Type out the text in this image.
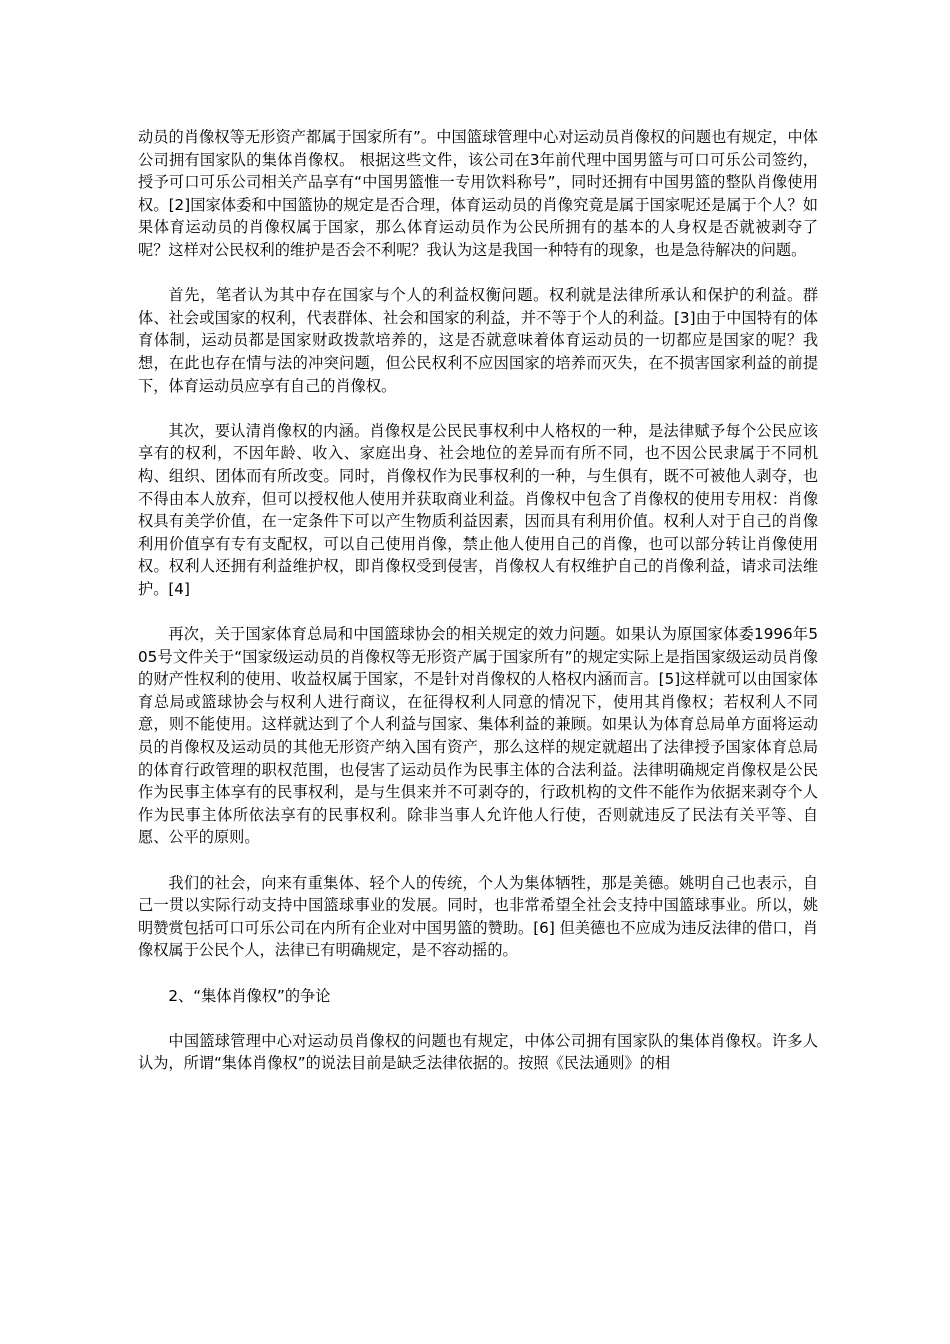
动员的肖像权等无形资产都属于国家所有”。中国篮球管理中心对运动员肖像权的问题也有规定，中体公司拥有国家队的集体肖像权。 根据这些文件，该公司在3年前代理中国男篮与可口可乐公司签约，授予可口可乐公司相关产品享有“中国男篮惟一专用饮料称号”，同时还拥有中国男篮的整队肖像使用权。[2]国家体委和中国篮协的规定是否合理，体育运动员的肖像究竟是属于国家呢还是属于个人？如果体育运动员的肖像权属于国家，那么体育运动员作为公民所拥有的基本的人身权是否就被剥夺了呢？这样对公民权利的维护是否会不利呢？我认为这是我国一种特有的现象，也是急待解决的问题。

首先，笔者认为其中存在国家与个人的利益权衡问题。权利就是法律所承认和保护的利益。群体、社会或国家的权利，代表群体、社会和国家的利益，并不等于个人的利益。[3]由于中国特有的体育体制，运动员都是国家财政拨款培养的，这是否就意味着体育运动员的一切都应是国家的呢？我想，在此也存在情与法的冲突问题，但公民权利不应因国家的培养而灭失，在不损害国家利益的前提下，体育运动员应享有自己的肖像权。

其次，要认清肖像权的内涵。肖像权是公民民事权利中人格权的一种，是法律赋予每个公民应该享有的权利，不因年龄、收入、家庭出身、社会地位的差异而有所不同，也不因公民隶属于不同机构、组织、团体而有所改变。同时，肖像权作为民事权利的一种，与生俱有，既不可被他人剥夺，也不得由本人放弃，但可以授权他人使用并获取商业利益。肖像权中包含了肖像权的使用专用权：肖像权具有美学价值，在一定条件下可以产生物质利益因素，因而具有利用价值。权利人对于自己的肖像利用价值享有专有支配权，可以自己使用肖像，禁止他人使用自己的肖像，也可以部分转让肖像使用权。权利人还拥有利益维护权，即肖像权受到侵害，肖像权人有权维护自己的肖像利益，请求司法维护。[4]

再次，关于国家体育总局和中国篮球协会的相关规定的效力问题。如果认为原国家体委1996年505号文件关于“国家级运动员的肖像权等无形资产属于国家所有”的规定实际上是指国家级运动员肖像的财产性权利的使用、收益权属于国家，不是针对肖像权的人格权内涵而言。[5]这样就可以由国家体育总局或篮球协会与权利人进行商议，在征得权利人同意的情况下，使用其肖像权；若权利人不同意，则不能使用。这样就达到了个人利益与国家、集体利益的兼顾。如果认为体育总局单方面将运动员的肖像权及运动员的其他无形资产纳入国有资产，那么这样的规定就超出了法律授予国家体育总局的体育行政管理的职权范围，也侵害了运动员作为民事主体的合法利益。法律明确规定肖像权是公民作为民事主体享有的民事权利，是与生俱来并不可剥夺的，行政机构的文件不能作为依据来剥夺个人作为民事主体所依法享有的民事权利。除非当事人允许他人行使，否则就违反了民法有关平等、自愿、公平的原则。

我们的社会，向来有重集体、轻个人的传统，个人为集体牺牲，那是美德。姚明自己也表示，自己一贯以实际行动支持中国篮球事业的发展。同时，也非常希望全社会支持中国篮球事业。所以，姚明赞赏包括可口可乐公司在内所有企业对中国男篮的赞助。[6] 但美德也不应成为违反法律的借口，肖像权属于公民个人，法律已有明确规定，是不容动摇的。

2、“集体肖像权”的争论

中国篮球管理中心对运动员肖像权的问题也有规定，中体公司拥有国家队的集体肖像权。许多人认为，所谓“集体肖像权”的说法目前是缺乏法律依据的。按照《民法通则》的相
